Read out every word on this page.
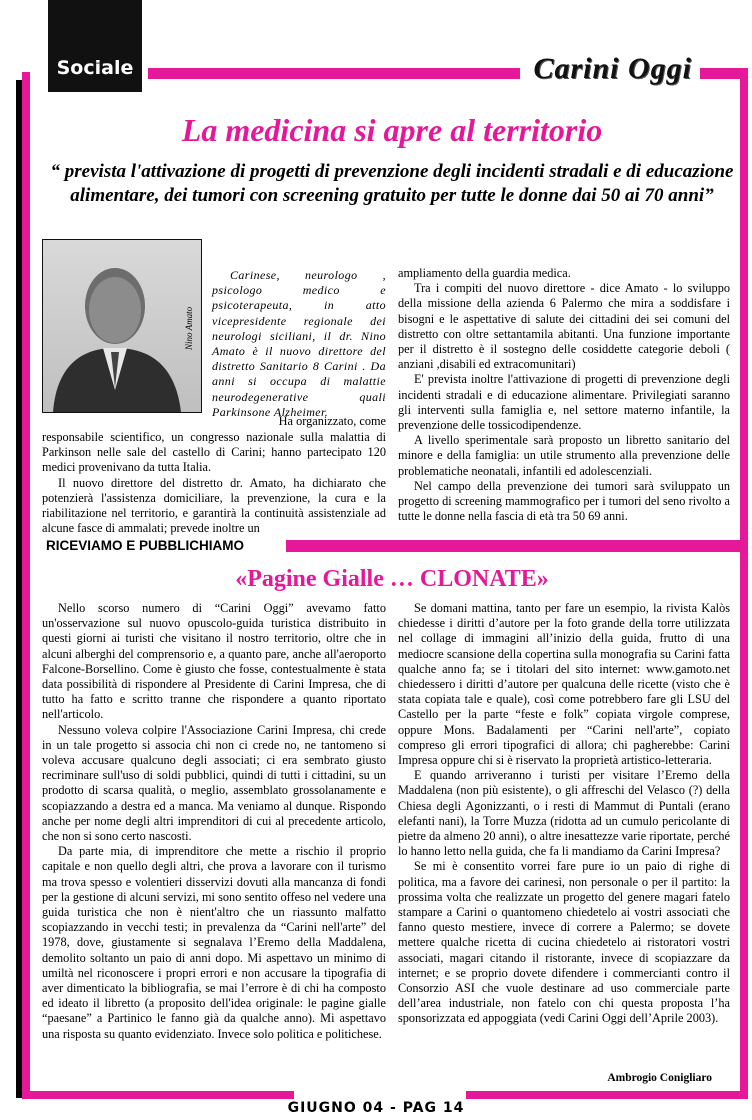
Sociale	Carini Oggi
La medicina si apre al territorio
“ prevista l'attivazione di progetti di prevenzione degli incidenti stradali e di educazione alimentare, dei tumori con screening gratuito per tutte le donne dai 50 ai 70 anni”
Nino Amato

Carinese, neurologo , psicologo medico e psicoterapeuta, in atto vicepresidente regionale dei neurologi siciliani, il dr. Nino Amato è il nuovo direttore del distretto Sanitario 8 Carini . Da anni si occupa di malattie neurodegenerative quali Parkinsone Alzheimer.

Ha organizzato, come

responsabile scientifico, un congresso nazionale sulla malattia di Parkinson nelle sale del castello di Carini; hanno partecipato 120 medici provenivano da tutta Italia.

Il nuovo direttore del distretto dr. Amato, ha dichiarato che potenzierà l'assistenza domiciliare, la prevenzione, la cura e la riabilitazione nel territorio, e garantirà la continuità assistenziale ad alcune fasce di ammalati; prevede inoltre un

ampliamento della guardia medica.

Tra i compiti del nuovo direttore - dice Amato - lo sviluppo della missione della azienda 6 Palermo che mira a soddisfare i bisogni e le aspettative di salute dei cittadini dei sei comuni del distretto con oltre settantamila abitanti. Una funzione importante per il distretto è il sostegno delle cosiddette categorie deboli ( anziani ,disabili ed extracomunitari)

E' prevista inoltre l'attivazione di progetti di prevenzione degli incidenti stradali e di educazione alimentare. Privilegiati saranno gli interventi sulla famiglia e, nel settore materno infantile, la prevenzione delle tossicodipendenze.

A livello sperimentale sarà proposto un libretto sanitario del minore e della famiglia: un utile strumento alla prevenzione delle problematiche neonatali, infantili ed adolescenziali.

Nel campo della prevenzione dei tumori sarà sviluppato un progetto di screening mammografico per i tumori del seno rivolto a tutte le donne nella fascia di età tra 50 69 anni.

RICEVIAMO E PUBBLICHIAMO
«Pagine Gialle … CLONATE»

Nello scorso numero di “Carini Oggi” avevamo fatto un'osservazione sul nuovo opuscolo-guida turistica distribuito in questi giorni ai turisti che visitano il nostro territorio, oltre che in alcuni alberghi del comprensorio e, a quanto pare, anche all'aeroporto Falcone-Borsellino. Come è giusto che fosse, contestualmente è stata data possibilità di rispondere al Presidente di Carini Impresa, che di tutto ha fatto e scritto tranne che rispondere a quanto riportato nell'articolo.

Nessuno voleva colpire l'Associazione Carini Impresa, chi crede in un tale progetto si associa chi non ci crede no, ne tantomeno si voleva accusare qualcuno degli associati; ci era sembrato giusto recriminare sull'uso di soldi pubblici, quindi di tutti i cittadini, su un prodotto di scarsa qualità, o meglio, assemblato grossolanamente e scopiazzando a destra ed a manca. Ma veniamo al dunque. Rispondo anche per nome degli altri imprenditori di cui al precedente articolo, che non si sono certo nascosti.

Da parte mia, di imprenditore che mette a rischio il proprio capitale e non quello degli altri, che prova a lavorare con il turismo ma trova spesso e volentieri disservizi dovuti alla mancanza di fondi per la gestione di alcuni servizi, mi sono sentito offeso nel vedere una guida turistica che non è nient'altro che un riassunto malfatto scopiazzando in vecchi testi; in prevalenza da “Carini nell'arte” del 1978, dove, giustamente si segnalava l’Eremo della Maddalena, demolito soltanto un paio di anni dopo. Mi aspettavo un minimo di umiltà nel riconoscere i propri errori e non accusare la tipografia di aver dimenticato la bibliografia, se mai l’errore è di chi ha composto ed ideato il libretto (a proposito dell'idea originale: le pagine gialle “paesane” a Partinico le fanno già da qualche anno). Mi aspettavo una risposta su quanto evidenziato. Invece solo politica e politichese.

Se domani mattina, tanto per fare un esempio, la rivista Kalòs chiedesse i diritti d’autore per la foto grande della torre utilizzata nel collage di immagini all’inizio della guida, frutto di una mediocre scansione della copertina sulla monografia su Carini fatta qualche anno fa; se i titolari del sito internet: www.gamoto.net chiedessero i diritti d’autore per qualcuna delle ricette (visto che è stata copiata tale e quale), così come potrebbero fare gli LSU del Castello per la parte “feste e folk” copiata virgole comprese, oppure Mons. Badalamenti per “Carini nell'arte”, copiato compreso gli errori tipografici di allora; chi pagherebbe: Carini Impresa oppure chi si è riservato la proprietà artistico-letteraria.

E quando arriveranno i turisti per visitare l’Eremo della Maddalena (non più esistente), o gli affreschi del Velasco (?) della Chiesa degli Agonizzanti, o i resti di Mammut di Puntali (erano elefanti nani), la Torre Muzza (ridotta ad un cumulo pericolante di pietre da almeno 20 anni), o altre inesattezze varie riportate, perché lo hanno letto nella guida, che fa li mandiamo da Carini Impresa?

Se mi è consentito vorrei fare pure io un paio di righe di politica, ma a favore dei carinesi, non personale o per il partito: la prossima volta che realizzate un progetto del genere magari fatelo stampare a Carini o quantomeno chiedetelo ai vostri associati che fanno questo mestiere, invece di correre a Palermo; se dovete mettere qualche ricetta di cucina chiedetelo ai ristoratori vostri associati, magari citando il ristorante, invece di scopiazzare da internet; e se proprio dovete difendere i commercianti contro il Consorzio ASI che vuole destinare ad uso commerciale parte dell’area industriale, non fatelo con chi questa proposta l’ha sponsorizzata ed appoggiata (vedi Carini Oggi dell’Aprile 2003).

Ambrogio Conigliaro
GIUGNO 04 - PAG 14
